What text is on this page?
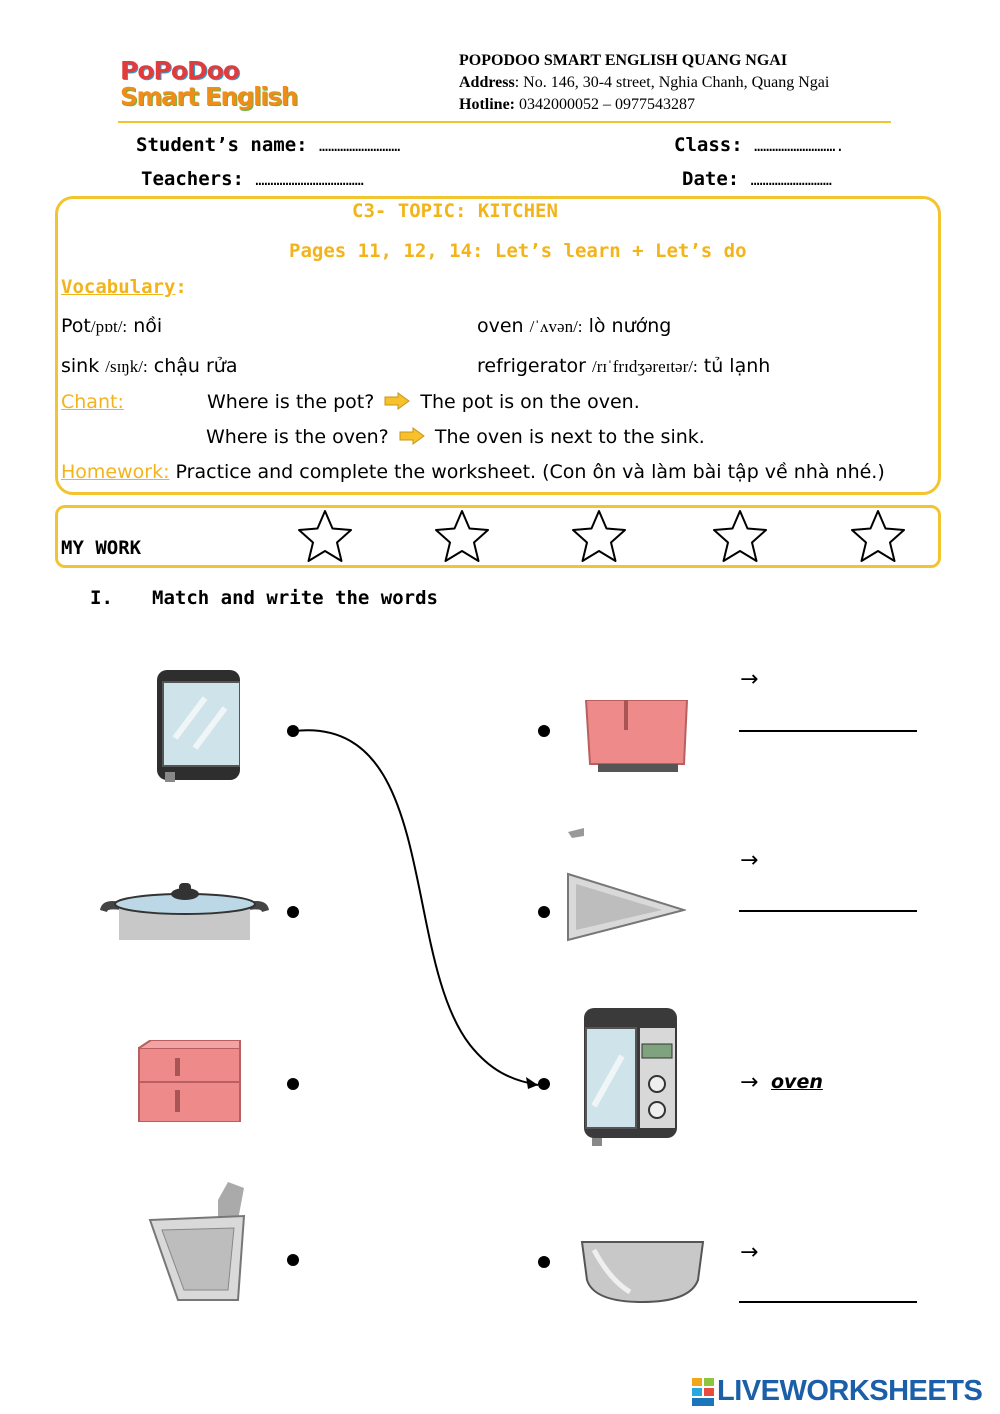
PoPoDoo
Smart English
POPODOO SMART ENGLISH QUANG NGAI
Address: No. 146, 30-4 street, Nghia Chanh, Quang Ngai
Hotline: 0342000052 – 0977543287
Student’s name: ………………………	Class: ……………………….
Teachers: ………………………………	Date: ………………………
C3- TOPIC: KITCHEN
Pages 11, 12, 14: Let’s learn + Let’s do
Vocabulary:
Pot/pɒt/: nồi	oven /ˈʌvən/: lò nướng
sink /sɪŋk/: chậu rửa	refrigerator /rɪˈfrɪdʒəreɪtər/: tủ lạnh
Chant:	Where is the pot? The pot is on the oven.
Where is the oven? The oven is next to the sink.
Homework: Practice and complete the worksheet. (Con ôn và làm bài tập về nhà nhé.)
MY WORK
I. Match and write the words
→
→
→ oven
→
LIVEWORKSHEETS
